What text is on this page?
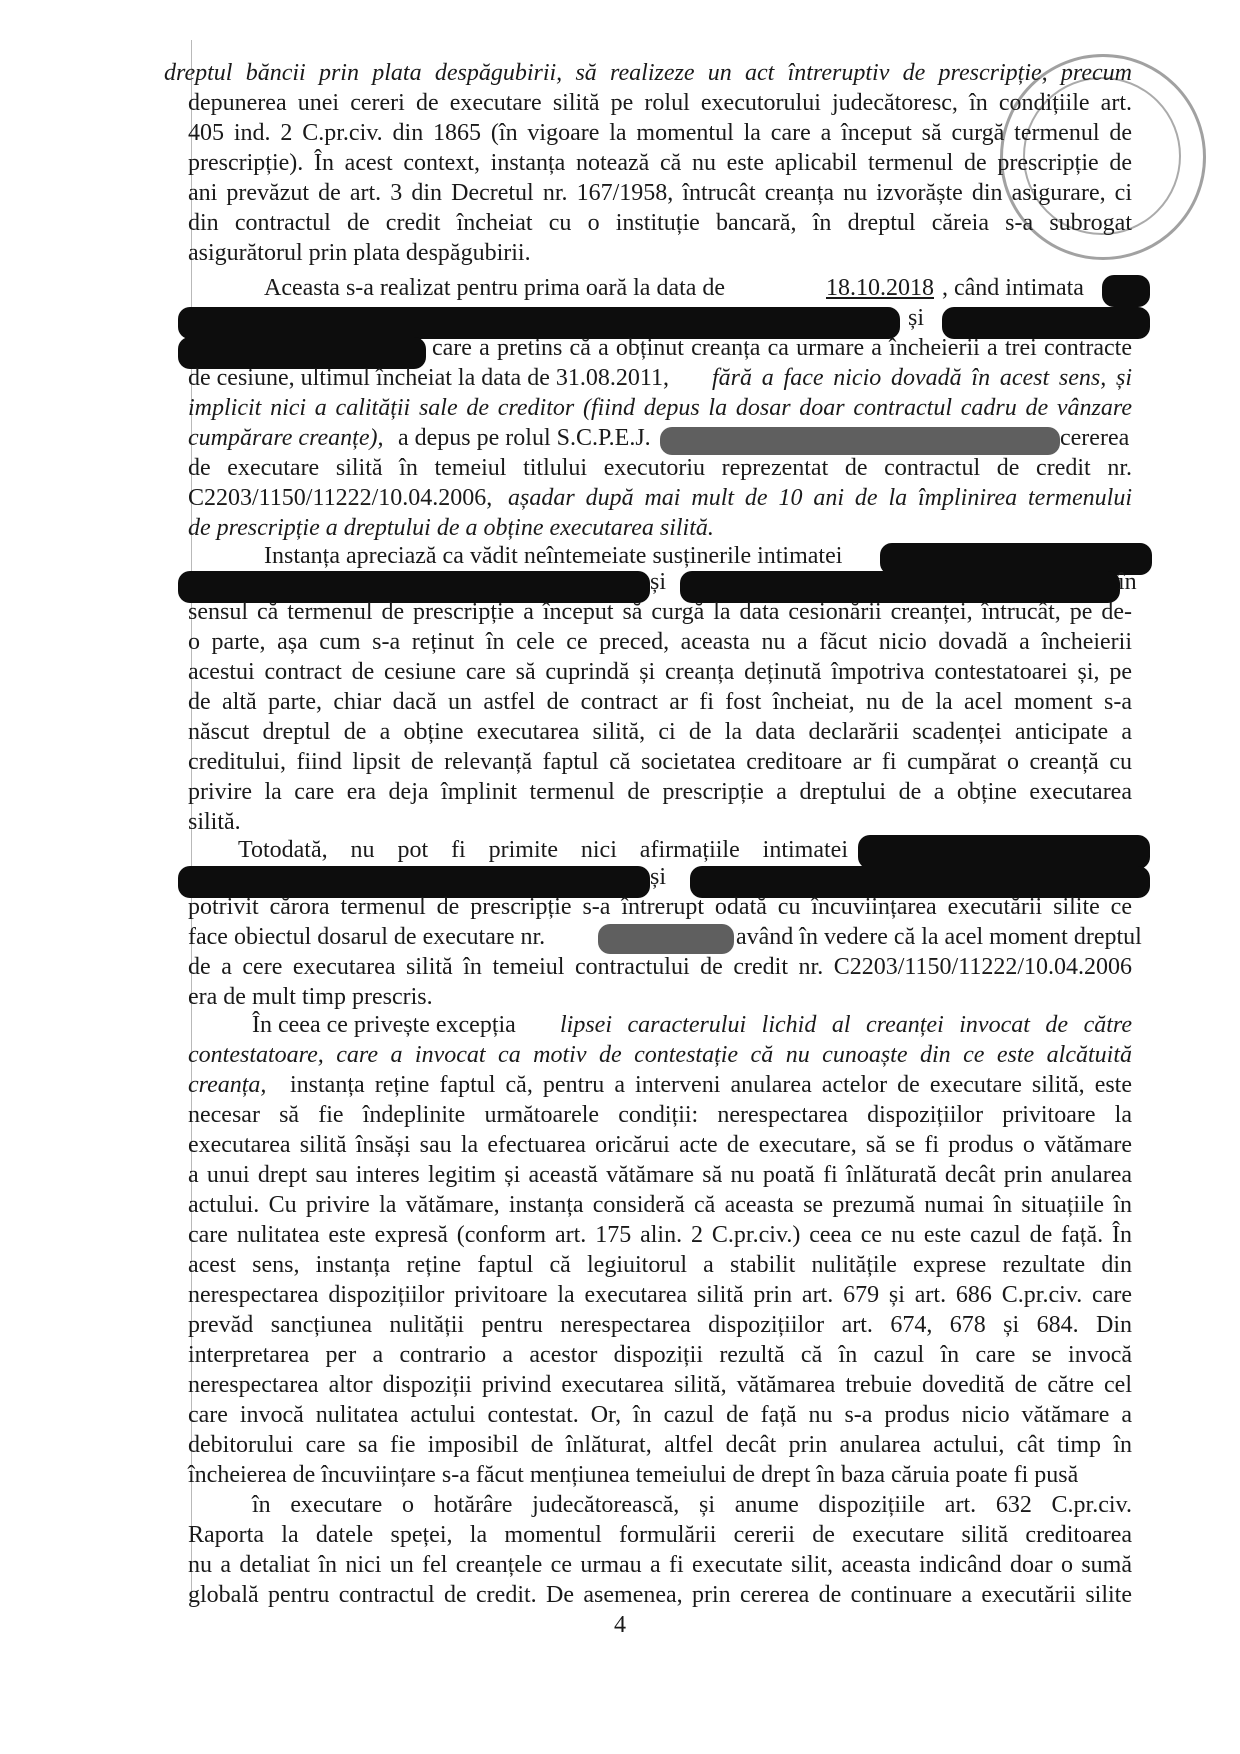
dreptul băncii prin plata despăgubirii, să realizeze un act întreruptiv de prescripție, precum
depunerea unei cereri de executare silită pe rolul executorului judecătoresc, în condițiile art.
405 ind. 2 C.pr.civ. din 1865 (în vigoare la momentul la care a început să curgă termenul de
prescripție). În acest context, instanța notează că nu este aplicabil termenul de prescripție de
ani prevăzut de art. 3 din Decretul nr. 167/1958, întrucât creanța nu izvorăște din asigurare, ci
din contractul de credit încheiat cu o instituție bancară, în dreptul căreia s-a subrogat
asigurătorul prin plata despăgubirii.
Aceasta s-a realizat pentru prima oară la data de	18.10.2018 , când intimata
și
care a pretins că a obținut creanța ca urmare a încheierii a trei contracte
de cesiune, ultimul încheiat la data de 31.08.2011,	fără a face nicio dovadă în acest sens, și
implicit nici a calității sale de creditor (fiind depus la dosar doar contractul cadru de vânzare
cumpărare creanțe), a depus pe rolul S.C.P.E.J.	cererea
de executare silită în temeiul titlului executoriu reprezentat de contractul de credit nr.
C2203/1150/11222/10.04.2006, așadar după mai mult de 10 ani de la împlinirea termenului
de prescripție a dreptului de a obține executarea silită.
Instanța apreciază ca vădit neîntemeiate susținerile intimatei
și	în
sensul că termenul de prescripție a început să curgă la data cesionării creanței, întrucât, pe de-
o parte, așa cum s-a reținut în cele ce preced, aceasta nu a făcut nicio dovadă a încheierii
acestui contract de cesiune care să cuprindă și creanța deținută împotriva contestatoarei și, pe
de altă parte, chiar dacă un astfel de contract ar fi fost încheiat, nu de la acel moment s-a
născut dreptul de a obține executarea silită, ci de la data declarării scadenței anticipate a
creditului, fiind lipsit de relevanță faptul că societatea creditoare ar fi cumpărat o creanță cu
privire la care era deja împlinit termenul de prescripție a dreptului de a obține executarea
silită.
Totodată, nu pot fi primite nici afirmațiile intimatei
și
potrivit cărora termenul de prescripție s-a întrerupt odată cu încuviințarea executării silite ce
face obiectul dosarul de executare nr.	având în vedere că la acel moment dreptul
de a cere executarea silită în temeiul contractului de credit nr. C2203/1150/11222/10.04.2006
era de mult timp prescris.
În ceea ce privește excepția	lipsei caracterului lichid al creanței invocat de către
contestatoare, care a invocat ca motiv de contestație că nu cunoaște din ce este alcătuită
creanța, instanța reține faptul că, pentru a interveni anularea actelor de executare silită, este
necesar să fie îndeplinite următoarele condiții: nerespectarea dispozițiilor privitoare la
executarea silită însăși sau la efectuarea oricărui acte de executare, să se fi produs o vătămare
a unui drept sau interes legitim și această vătămare să nu poată fi înlăturată decât prin anularea
actului. Cu privire la vătămare, instanța consideră că aceasta se prezumă numai în situațiile în
care nulitatea este expresă (conform art. 175 alin. 2 C.pr.civ.) ceea ce nu este cazul de față. În
acest sens, instanța reține faptul că legiuitorul a stabilit nulitățile exprese rezultate din
nerespectarea dispozițiilor privitoare la executarea silită prin art. 679 și art. 686 C.pr.civ. care
prevăd sancțiunea nulității pentru nerespectarea dispozițiilor art. 674, 678 și 684. Din
interpretarea per a contrario a acestor dispoziții rezultă că în cazul în care se invocă
nerespectarea altor dispoziții privind executarea silită, vătămarea trebuie dovedită de către cel
care invocă nulitatea actului contestat. Or, în cazul de față nu s-a produs nicio vătămare a
debitorului care sa fie imposibil de înlăturat, altfel decât prin anularea actului, cât timp în
încheierea de încuviințare s-a făcut mențiunea temeiului de drept în baza căruia poate fi pusă
în executare o hotărâre judecătorească, și anume dispozițiile art. 632 C.pr.civ.
Raporta la datele speței, la momentul formulării cererii de executare silită creditoarea
nu a detaliat în nici un fel creanțele ce urmau a fi executate silit, aceasta indicând doar o sumă
globală pentru contractul de credit. De asemenea, prin cererea de continuare a executării silite
4
